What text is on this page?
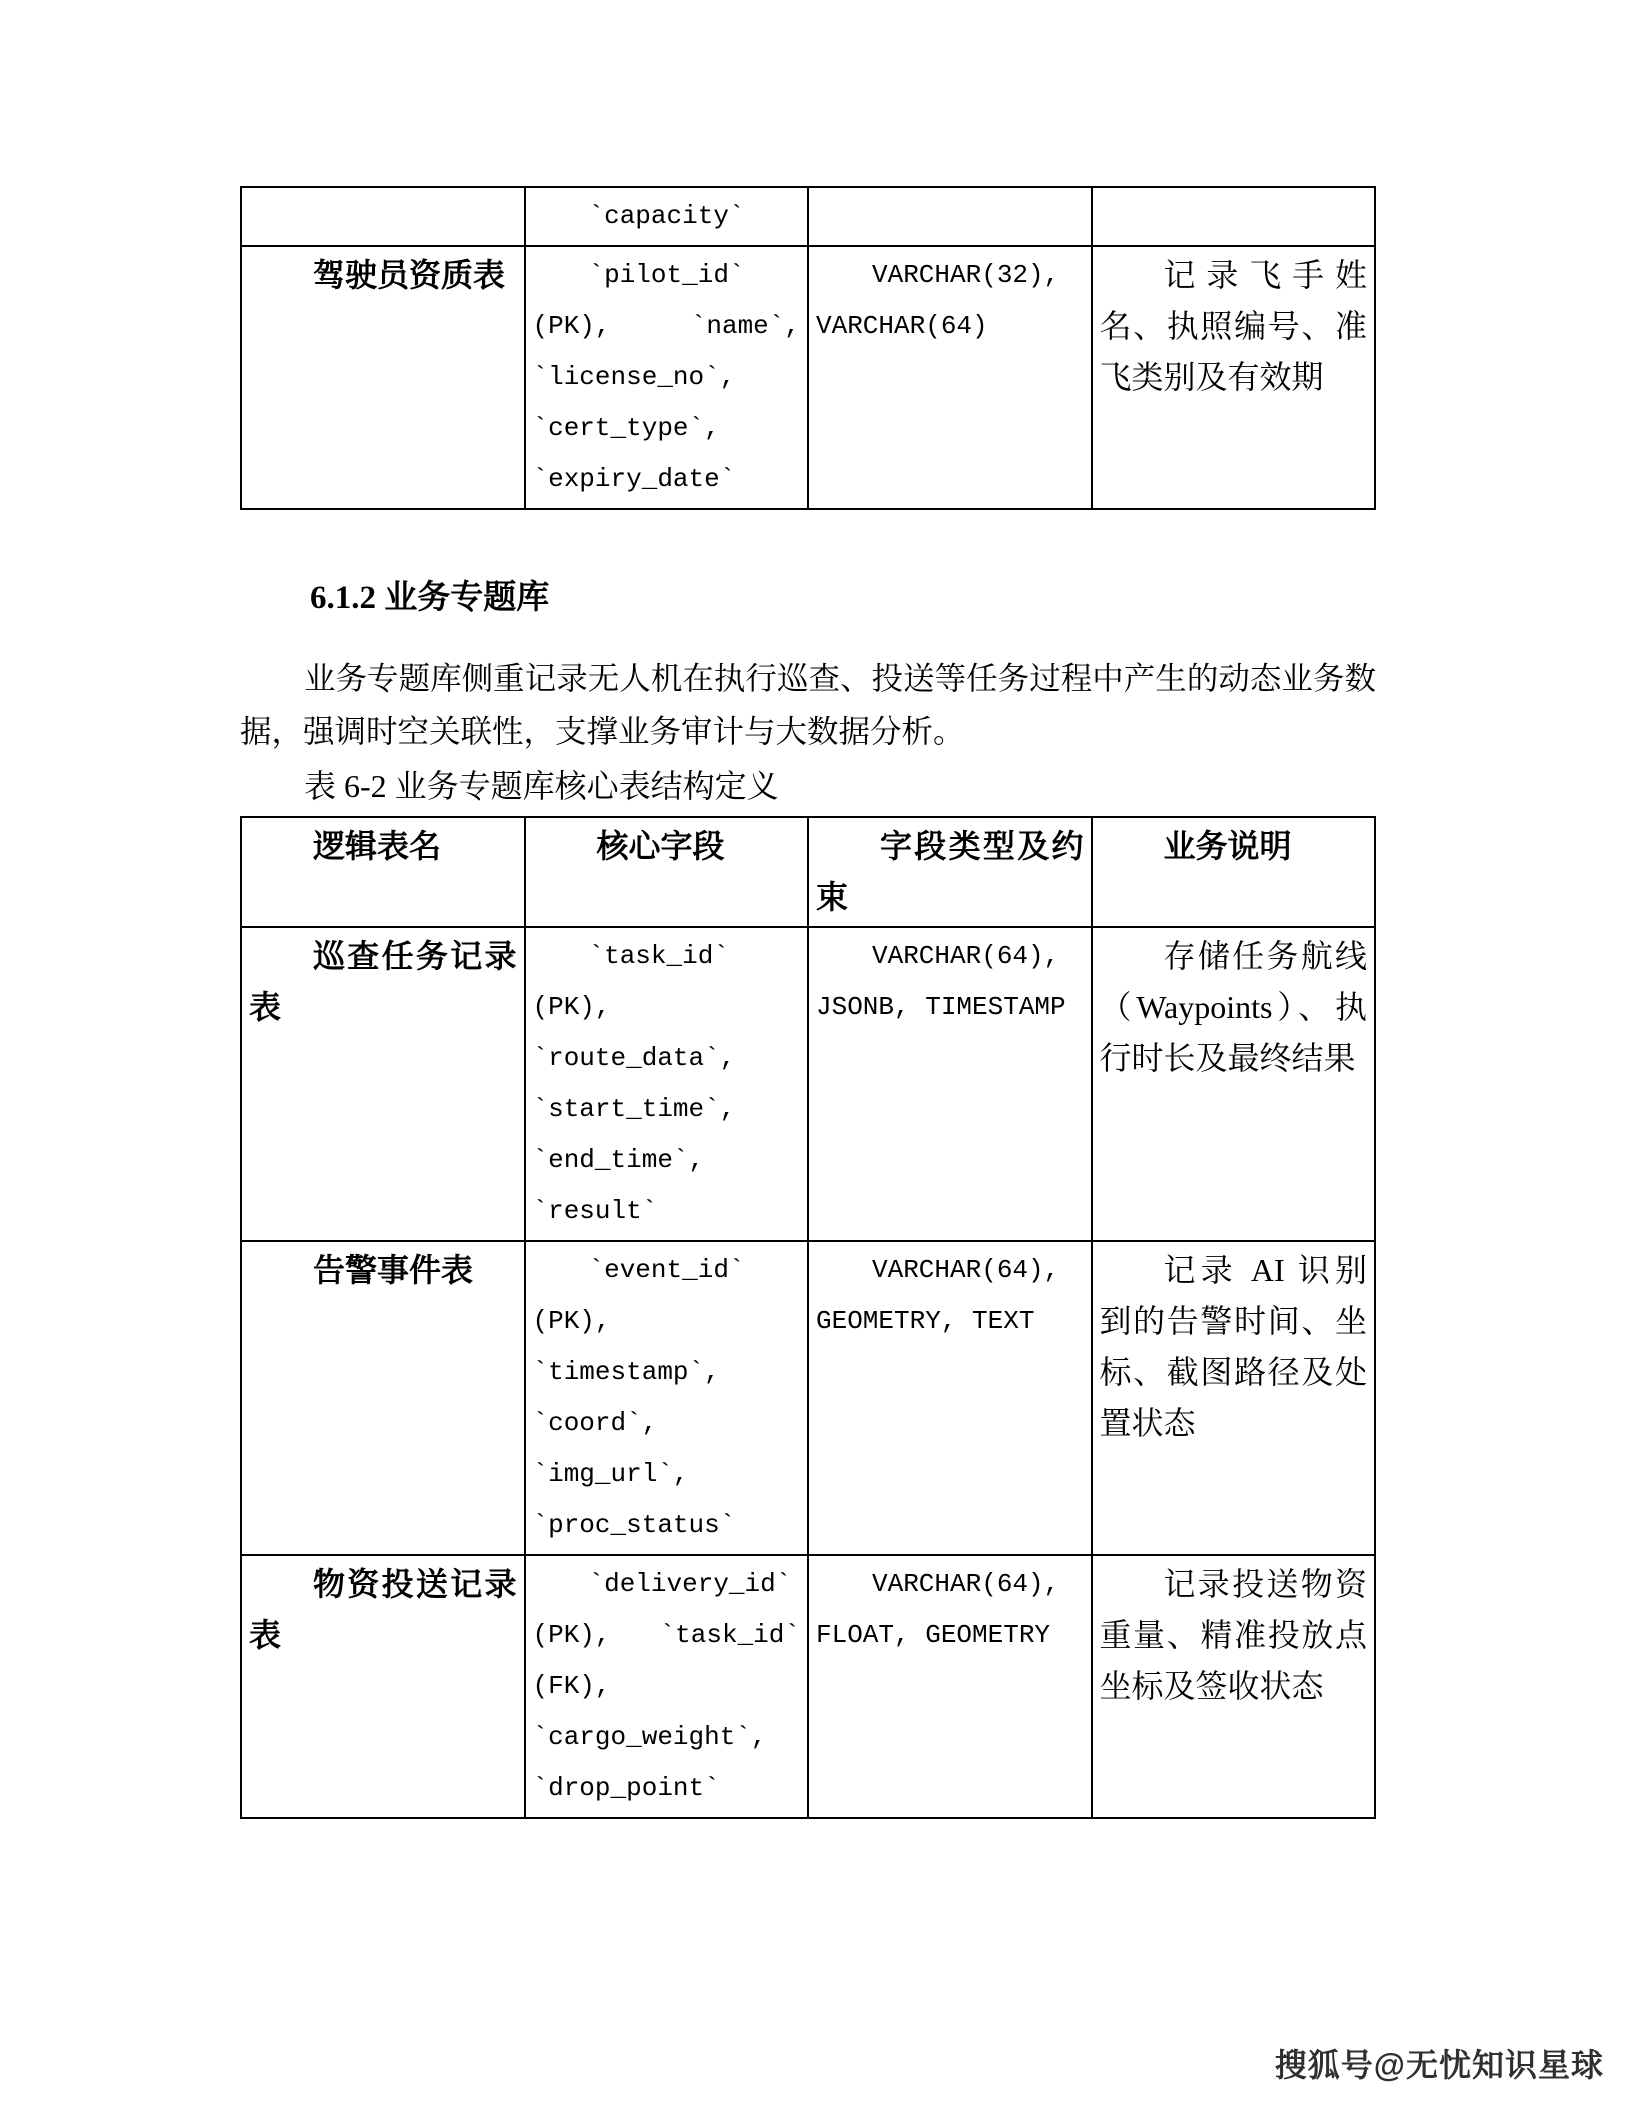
	`capacity`		
驾驶员资质表	`pilot_id` (PK), `name`, `license_no`, `cert_type`, `expiry_date`	VARCHAR(32), VARCHAR(64)	记录飞手姓名、执照编号、准飞类别及有效期
6.1.2 业务专题库
业务专题库侧重记录无人机在执行巡查、投送等任务过程中产生的动态业务数据，强调时空关联性，支撑业务审计与大数据分析。
表 6-2 业务专题库核心表结构定义
逻辑表名	核心字段	字段类型及约束	业务说明
巡查任务记录表	`task_id` (PK), `route_data`, `start_time`, `end_time`, `result`	VARCHAR(64), JSONB, TIMESTAMP	存储任务航线（Waypoints）、执行时长及最终结果
告警事件表	`event_id` (PK), `timestamp`, `coord`, `img_url`, `proc_status`	VARCHAR(64), GEOMETRY, TEXT	记录 AI 识别到的告警时间、坐标、截图路径及处置状态
物资投送记录表	`delivery_id` (PK), `task_id` (FK), `cargo_weight`, `drop_point`	VARCHAR(64), FLOAT, GEOMETRY	记录投送物资重量、精准投放点坐标及签收状态
搜狐号@无忧知识星球
